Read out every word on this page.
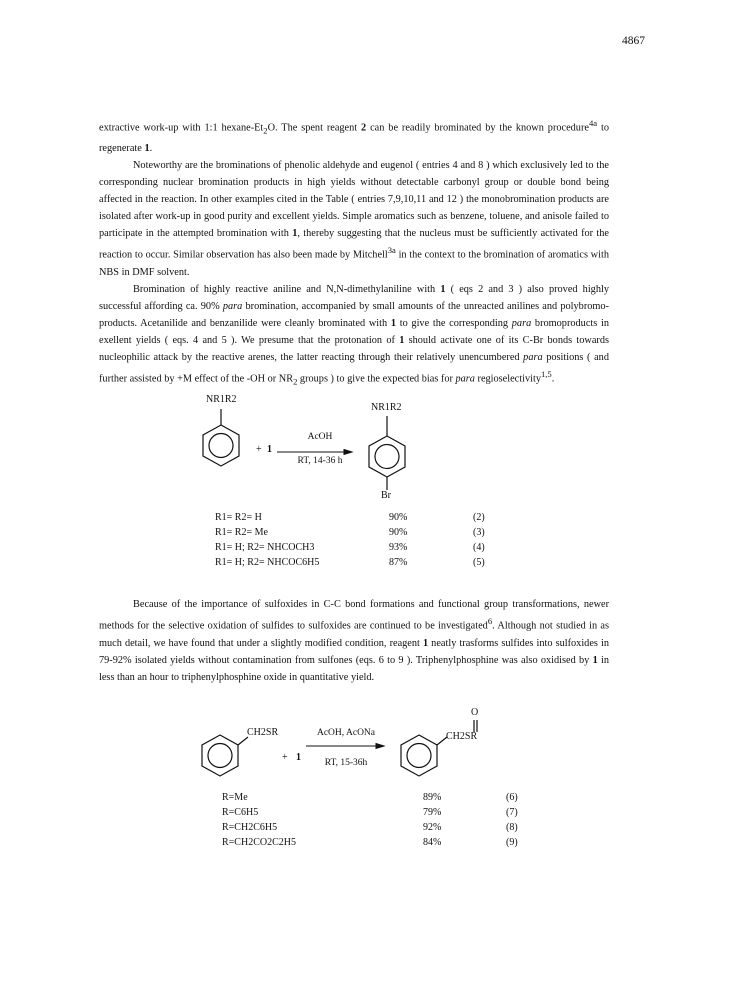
4867

extractive work-up with 1:1 hexane-$Et_2O$. The spent reagent 2 can be readily brominated by the known procedure$^{4a}$ to regenerate 1.

Noteworthy are the brominations of phenolic aldehyde and eugenol ( entries 4 and 8 ) which exclusively led to the corresponding nuclear bromination products in high yields without detectable carbonyl group or double bond being affected in the reaction. In other examples cited in the Table ( entries 7,9,10,11 and 12 ) the monobromination products are isolated after work-up in good purity and excellent yields. Simple aromatics such as benzene, toluene, and anisole failed to participate in the attempted bromination with 1, thereby suggesting that the nucleus must be sufficiently activated for the reaction to occur. Similar observation has also been made by Mitchell$^{3a}$ in the context to the bromination of aromatics with NBS in DMF solvent.

Bromination of highly reactive aniline and N,N-dimethylaniline with 1 ( eqs 2 and 3 ) also proved highly successful affording ca. 90% para bromination, accompanied by small amounts of the unreacted anilines and polybromo-products. Acetanilide and benzanilide were cleanly brominated with 1 to give the corresponding para bromoproducts in exellent yields ( eqs. 4 and 5 ). We presume that the protonation of 1 should activate one of its C-Br bonds towards nucleophilic attack by the reactive arenes, the latter reacting through their relatively unencumbered para positions ( and further assisted by +M effect of the -OH or $NR_2$ groups ) to give the expected bias for para regioselectivity$^{1,5}$.

NR1R2
+ 1
AcOH
RT, 14-36 h
NR1R2
Br
R1= R2= H	90%	(2)
R1= R2= Me	90%	(3)
R1= H; R2= NHCOCH3	93%	(4)
R1= H; R2= NHCOC6H5	87%	(5)

Because of the importance of sulfoxides in C-C bond formations and functional group transformations, newer methods for the selective oxidation of sulfides to sulfoxides are continued to be investigated$^6$. Although not studied in as much detail, we have found that under a slightly modified condition, reagent 1 neatly trasforms sulfides into sulfoxides in 79-92% isolated yields without contamination from sulfones (eqs. 6 to 9 ). Triphenylphosphine was also oxidised by 1 in less than an hour to triphenylphosphine oxide in quantitative yield.

CH2SR
+ 1
AcOH, AcONa
RT, 15-36h
O
CH2SR
R=Me	89%	(6)
R=C6H5	79%	(7)
R=CH2C6H5	92%	(8)
R=CH2CO2C2H5	84%	(9)
